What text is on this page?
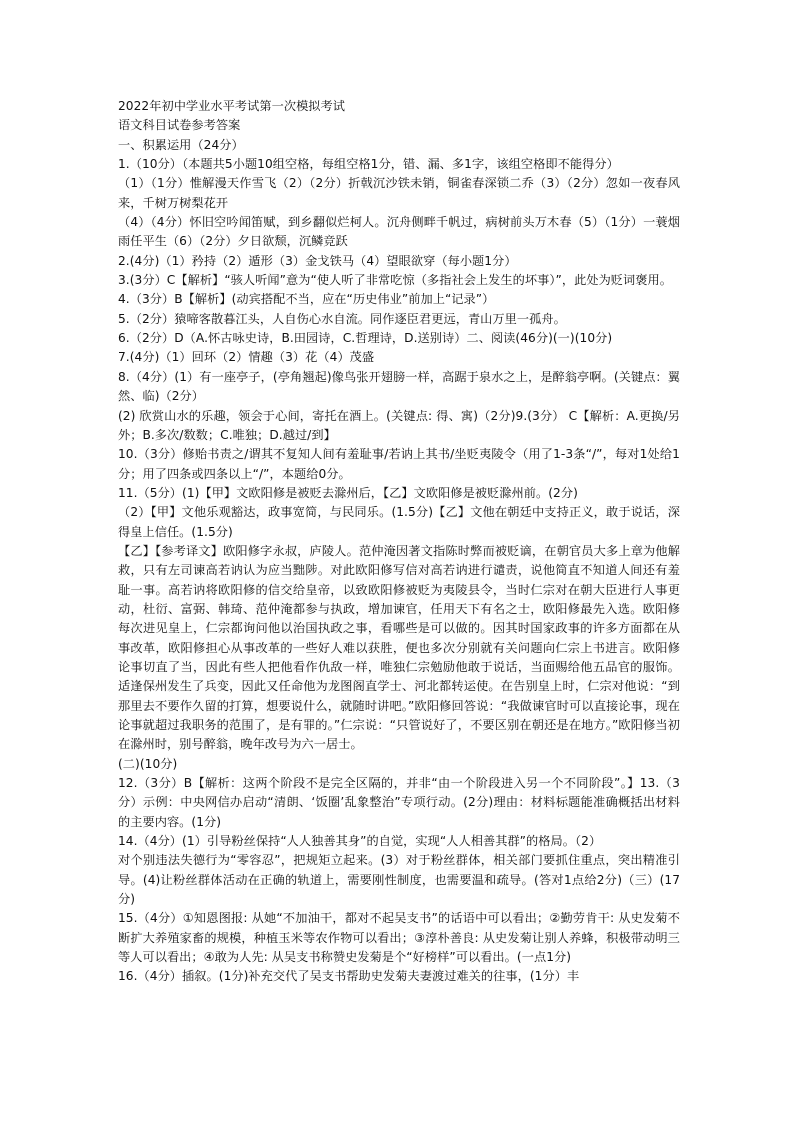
2022年初中学业水平考试第一次模拟考试

语文科目试卷参考答案

一、积累运用（24分）

1.（10分）（本题共5小题10组空格，每组空格1分，错、漏、多1字，该组空格即不能得分）

（1）（1分）惟解漫天作雪飞（2）（2分）折戟沉沙铁未销，铜雀春深锁二乔（3）（2分）忽如一夜春风来，千树万树梨花开

（4）（4分）怀旧空吟闻笛赋，到乡翻似烂柯人。沉舟侧畔千帆过，病树前头万木春（5）（1分）一蓑烟雨任平生（6）（2分）夕日欲颓，沉鳞竞跃

2.(4分)（1）矜持（2）遁形（3）金戈铁马（4）望眼欲穿（每小题1分）

3.(3分）C【解析】“骇人听闻”意为“使人听了非常吃惊（多指社会上发生的坏事）”，此处为贬词褒用。

4.（3分）B【解析】(动宾搭配不当，应在“历史伟业”前加上“记录”）

5.（2分）猿啼客散暮江头，人自伤心水自流。同作逐臣君更远，青山万里一孤舟。

6.（2分）D（A.怀古咏史诗，B.田园诗，C.哲理诗，D.送别诗）二、阅读(46分)(一)(10分)

7.(4分)（1）回环（2）情趣（3）花（4）茂盛

8.（4分）(1）有一座亭子，(亭角翘起)像鸟张开翅膀一样，高踞于泉水之上，是醉翁亭啊。(关键点：翼然、临)（2分）

(2) 欣赏山水的乐趣，领会于心间，寄托在酒上。(关键点: 得、寓)（2分)9.(3分） C【解析：A.更换/另外；B.多次/数数；C.唯独；D.越过/到】

10.（3分）修贻书责之/谓其不复知人间有羞耻事/若讷上其书/坐贬夷陵令（用了1-3条“/”，每对1处给1分；用了四条或四条以上“/”，本题给0分。

11.（5分）(1)【甲】文欧阳修是被贬去滁州后，【乙】文欧阳修是被贬滁州前。(2分)

（2）【甲】文他乐观豁达，政事宽简，与民同乐。(1.5分)【乙】文他在朝廷中支持正义，敢于说话，深得皇上信任。(1.5分)

【乙】【参考译文】欧阳修字永叔，庐陵人。范仲淹因著文指陈时弊而被贬谪，在朝官员大多上章为他解救，只有左司谏高若讷认为应当黜陟。对此欧阳修写信对高若讷进行谴责，说他简直不知道人间还有羞耻一事。高若讷将欧阳修的信交给皇帝，以致欧阳修被贬为夷陵县令，当时仁宗对在朝大臣进行人事更动，杜衍、富弼、韩琦、范仲淹都参与执政，增加谏官，任用天下有名之士，欧阳修最先入选。欧阳修每次进见皇上，仁宗都询问他以治国执政之事，看哪些是可以做的。因其时国家政事的许多方面都在从事改革，欧阳修担心从事改革的一些好人难以获胜，便也多次分别就有关问题向仁宗上书进言。欧阳修论事切直了当，因此有些人把他看作仇敌一样，唯独仁宗勉励他敢于说话，当面赐给他五品官的服饰。适逢保州发生了兵变，因此又任命他为龙图阁直学士、河北都转运使。在告别皇上时，仁宗对他说：“到那里去不要作久留的打算，想要说什么，就随时讲吧。”欧阳修回答说：“我做谏官时可以直接论事，现在论事就超过我职务的范围了，是有罪的。”仁宗说：“只管说好了，不要区别在朝还是在地方。”欧阳修当初在滁州时，别号醉翁，晚年改号为六一居士。

(二)(10分)

12.（3分）B【解析：这两个阶段不是完全区隔的，并非“由一个阶段进入另一个不同阶段”。】13.（3分）示例：中央网信办启动“清朗、‘饭圈’乱象整治”专项行动。(2分)理由：材料标题能准确概括出材料的主要内容。(1分)

14.（4分）(1）引导粉丝保持“人人独善其身”的自觉，实现“人人相善其群”的格局。（2）

对个别违法失德行为“零容忍”，把规矩立起来。(3）对于粉丝群体，相关部门要抓住重点，突出精准引导。(4)让粉丝群体活动在正确的轨道上，需要刚性制度，也需要温和疏导。(答对1点给2分)（三）(17分)

15.（4分）①知恩图报: 从她“不加油干，都对不起吴支书”的话语中可以看出；②勤劳肯干: 从史发菊不断扩大养殖家畜的规模，种植玉米等农作物可以看出；③淳朴善良: 从史发菊让别人养蜂，积极带动明三等人可以看出；④敢为人先: 从吴支书称赞史发菊是个“好榜样”可以看出。(一点1分)

16.（4分）插叙。(1分)补充交代了吴支书帮助史发菊夫妻渡过难关的往事，(1分）丰
